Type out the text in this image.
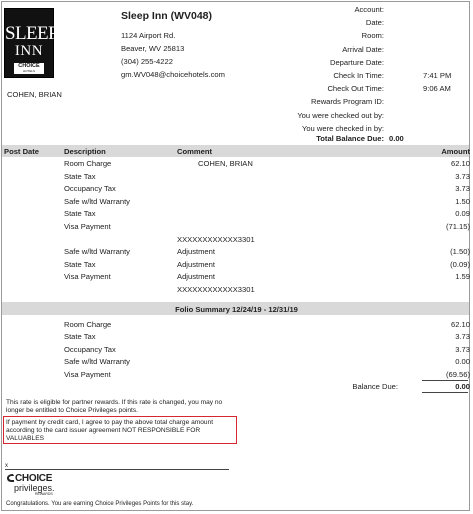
SLEEP
INN
CHOICE
HOTELS
Sleep Inn (WV048)
1124 Airport Rd.
Beaver, WV 25813
(304) 255-4222
gm.WV048@choicehotels.com
Account:
Date:
Room:
Arrival Date:
Departure Date:
Check In Time:	7:41 PM
Check Out Time:	9:06 AM
Rewards Program ID:
You were checked out by:
You were checked in by:
COHEN, BRIAN
Total Balance Due: 0.00
Post Date	Description	Comment	Amount
Room Charge	COHEN, BRIAN	62.10
State Tax	3.73
Occupancy Tax	3.73
Safe w/ltd Warranty	1.50
State Tax	0.09
Visa Payment	(71.15)
XXXXXXXXXXXX3301
Safe w/ltd Warranty	Adjustment	(1.50)
State Tax	Adjustment	(0.09)
Visa Payment	Adjustment	1.59
XXXXXXXXXXXX3301
Folio Summary 12/24/19 - 12/31/19
Room Charge	62.10
State Tax	3.73
Occupancy Tax	3.73
Safe w/ltd Warranty	0.00
Visa Payment	(69.56)
Balance Due:	0.00
This rate is eligible for partner rewards. If this rate is changed, you may no
longer be entitled to Choice Privileges points.
If payment by credit card, I agree to pay the above total charge amount
according to the card issuer agreement NOT RESPONSIBLE FOR
VALUABLES
x
CHOICE
privileges.
REWARDS
Congratulations. You are earning Choice Privileges Points for this stay.
